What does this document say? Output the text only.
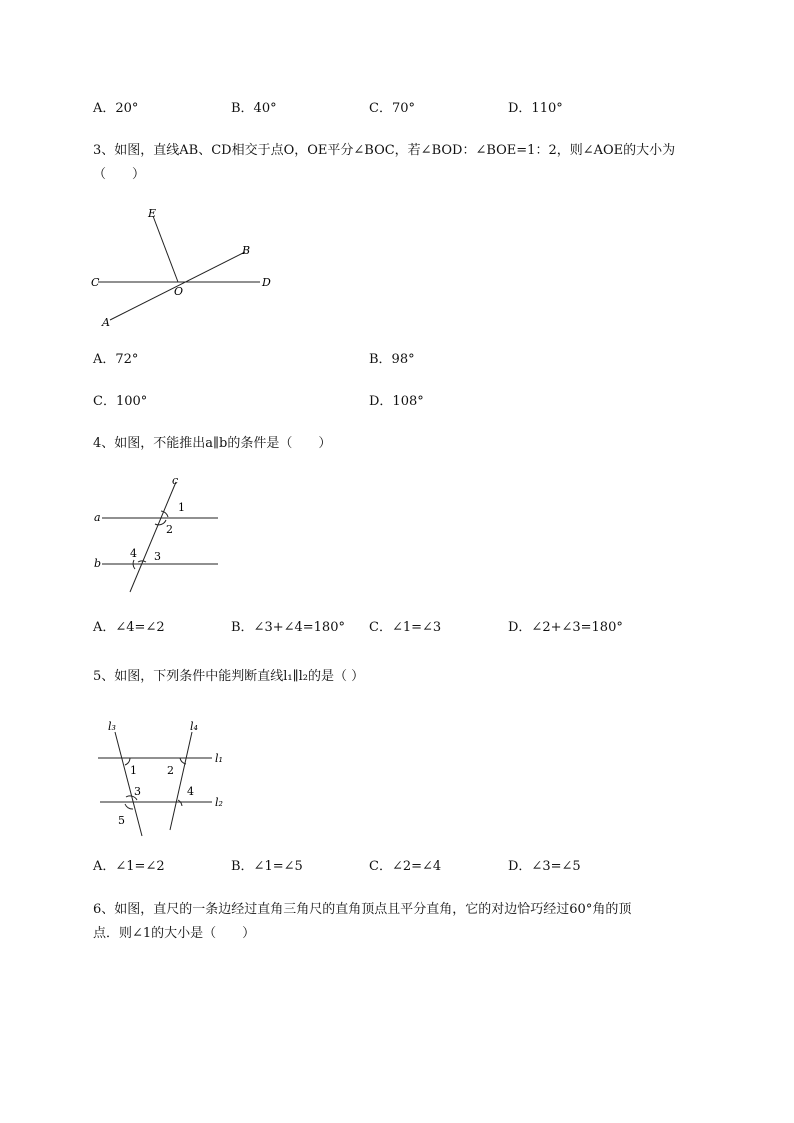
A．20°	B．40°	C．70°	D．110°
3、如图，直线AB、CD相交于点O，OE平分∠BOC，若∠BOD：∠BOE=1：2，则∠AOE的大小为
（　　）
E
B
C
O
D
A
A．72°	B．98°
C．100°	D．108°
4、如图，不能推出a∥b的条件是（　　）
c
a
b
1
2
3
4
A．∠4=∠2	B．∠3+∠4=180° C．∠1=∠3	D．∠2+∠3=180°
5、如图，下列条件中能判断直线l₁∥l₂的是（ ）
l₃	l₄
l₁
l₂
1	2
3	4
5
A．∠1=∠2	B．∠1=∠5	C．∠2=∠4	D．∠3=∠5
6、如图，直尺的一条边经过直角三角尺的直角顶点且平分直角，它的对边恰巧经过60°角的顶
点．则∠1的大小是（　　）
